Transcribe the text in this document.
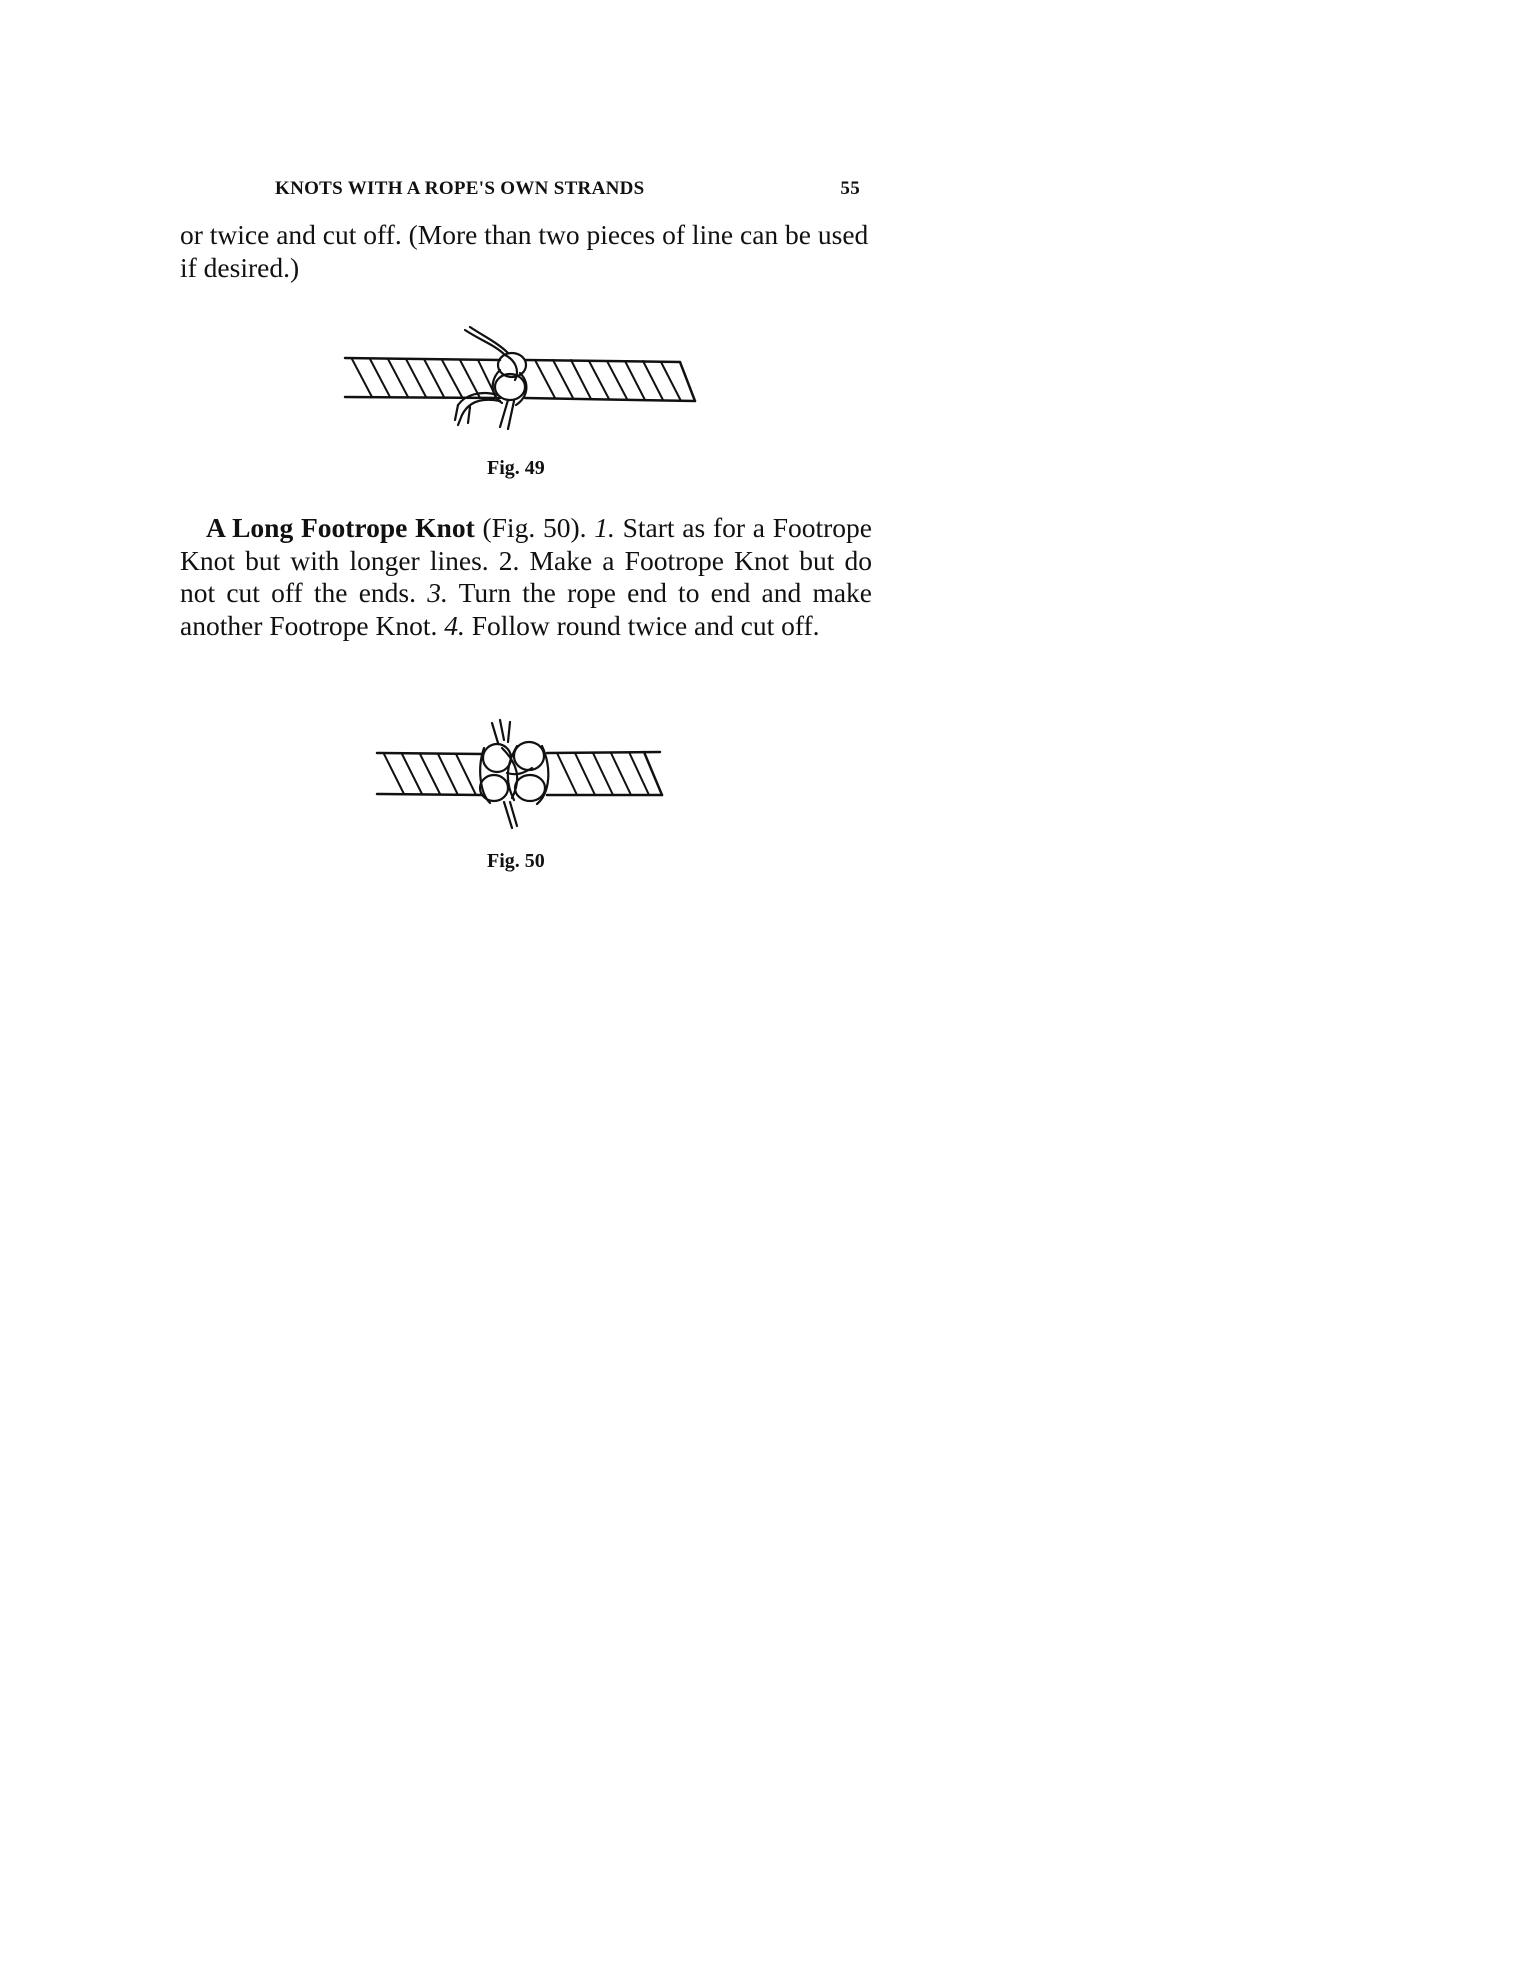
KNOTS WITH A ROPE'S OWN STRANDS	55

or twice and cut off. (More than two pieces of line can be used if desired.)

Fig. 49

A Long Footrope Knot (Fig. 50). 1. Start as for a Footrope Knot but with longer lines. 2. Make a Footrope Knot but do not cut off the ends. 3. Turn the rope end to end and make another Footrope Knot. 4. Follow round twice and cut off.

Fig. 50
